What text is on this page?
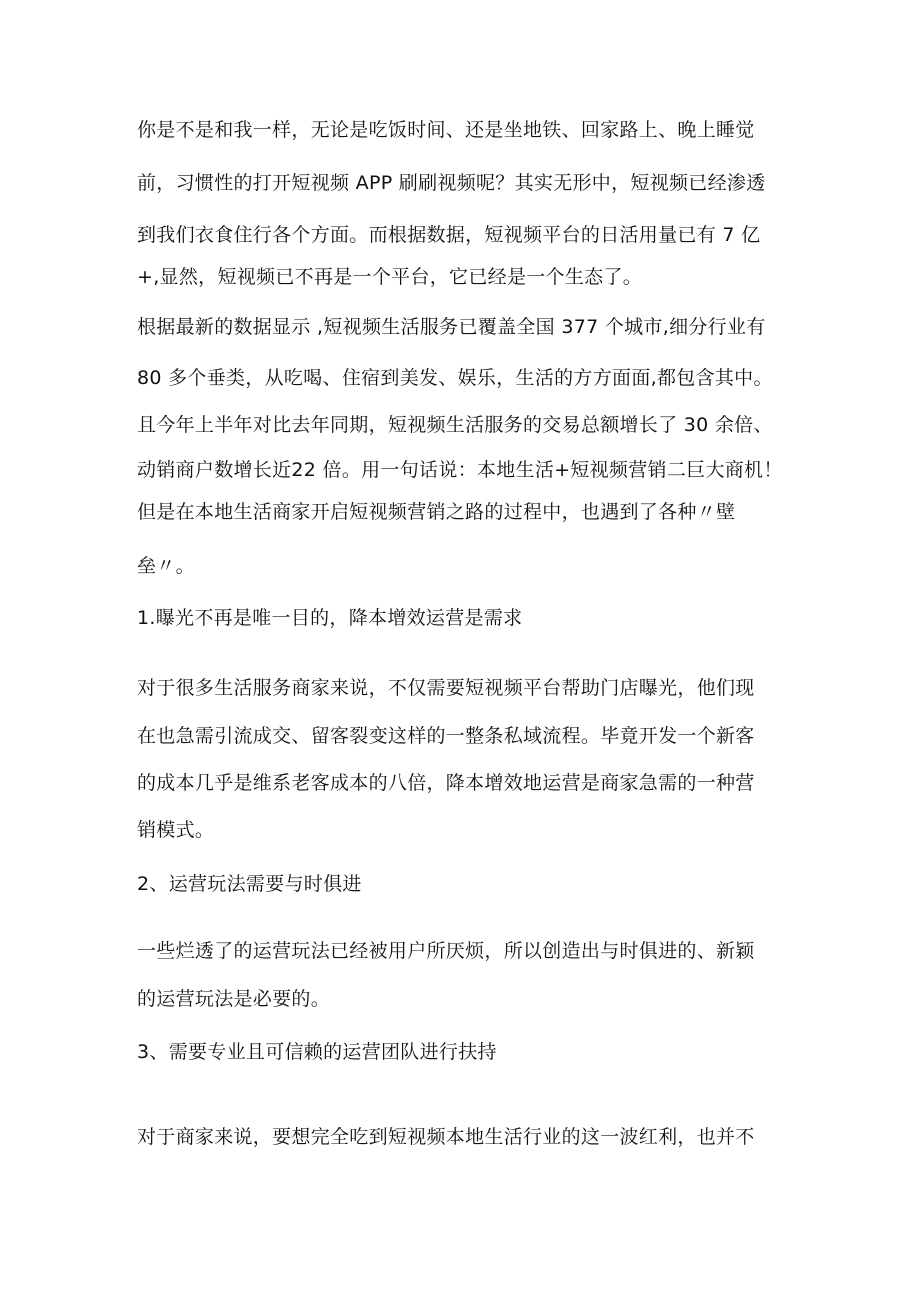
你是不是和我一样，无论是吃饭时间、还是坐地铁、回家路上、晚上睡觉
前，习惯性的打开短视频 APP 刷刷视频呢？其实无形中，短视频已经渗透
到我们衣食住行各个方面。而根据数据，短视频平台的日活用量已有 7 亿
+,显然，短视频已不再是一个平台，它已经是一个生态了。
根据最新的数据显示 ,短视频生活服务已覆盖全国 377 个城市,细分行业有
80 多个垂类，从吃喝、住宿到美发、娱乐，生活的方方面面,都包含其中。
且今年上半年对比去年同期，短视频生活服务的交易总额增长了 30 余倍、
动销商户数增长近22 倍。用一句话说：本地生活+短视频营销二巨大商机！
但是在本地生活商家开启短视频营销之路的过程中，也遇到了各种〃壁
垒〃。
1.曝光不再是唯一目的，降本增效运营是需求
对于很多生活服务商家来说，不仅需要短视频平台帮助门店曝光，他们现
在也急需引流成交、留客裂变这样的一整条私域流程。毕竟开发一个新客
的成本几乎是维系老客成本的八倍，降本增效地运营是商家急需的一种营
销模式。
2、运营玩法需要与时俱进
一些烂透了的运营玩法已经被用户所厌烦，所以创造出与时俱进的、新颖
的运营玩法是必要的。
3、需要专业且可信赖的运营团队进行扶持
对于商家来说，要想完全吃到短视频本地生活行业的这一波红利，也并不
